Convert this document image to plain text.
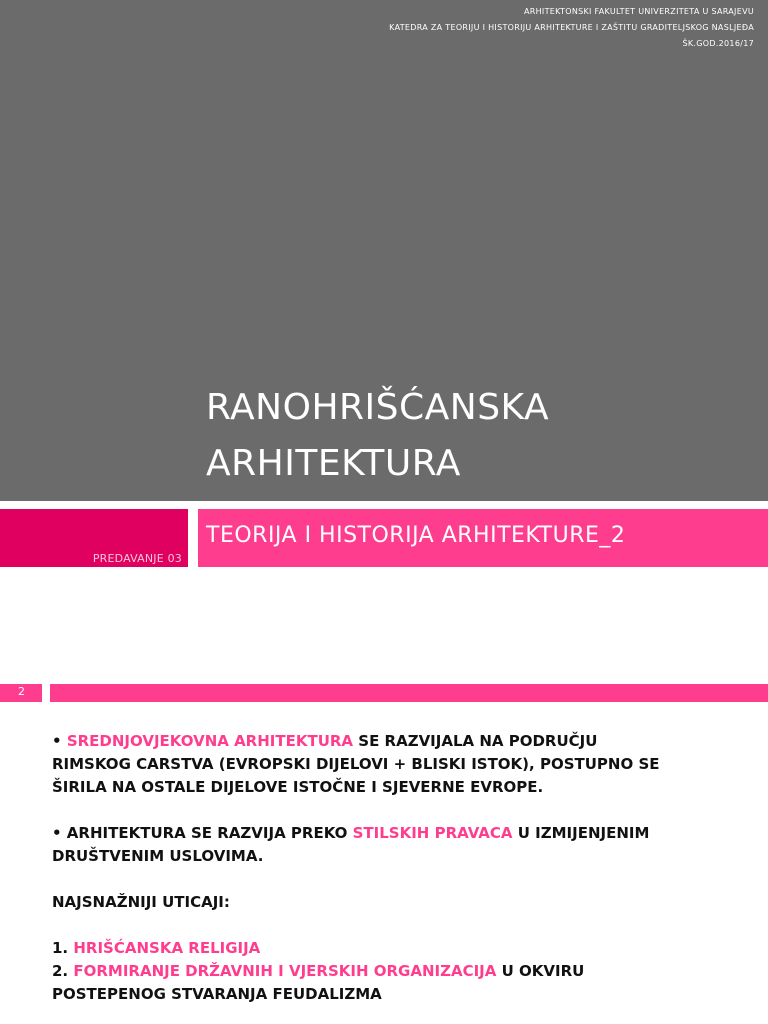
ARHITEKTONSKI FAKULTET UNIVERZITETA U SARAJEVU
KATEDRA ZA TEORIJU I HISTORIJU ARHITEKTURE I ZAŠTITU GRADITELJSKOG NASLJEĐA
ŠK.GOD.2016/17
RANOHRIŠĆANSKA
ARHITEKTURA
PREDAVANJE 03
TEORIJA I HISTORIJA ARHITEKTURE_2
2

• SREDNJOVJEKOVNA ARHITEKTURA SE RAZVIJALA NA PODRUČJU RIMSKOG CARSTVA (EVROPSKI DIJELOVI + BLISKI ISTOK), POSTUPNO SE ŠIRILA NA OSTALE DIJELOVE ISTOČNE I SJEVERNE EVROPE.

• ARHITEKTURA SE RAZVIJA PREKO STILSKIH PRAVACA U IZMIJENJENIM DRUŠTVENIM USLOVIMA.

NAJSNAŽNIJI UTICAJI:

1. HRIŠĆANSKA RELIGIJA

2. FORMIRANJE DRŽAVNIH I VJERSKIH ORGANIZACIJA U OKVIRU POSTEPENOG STVARANJA FEUDALIZMA
